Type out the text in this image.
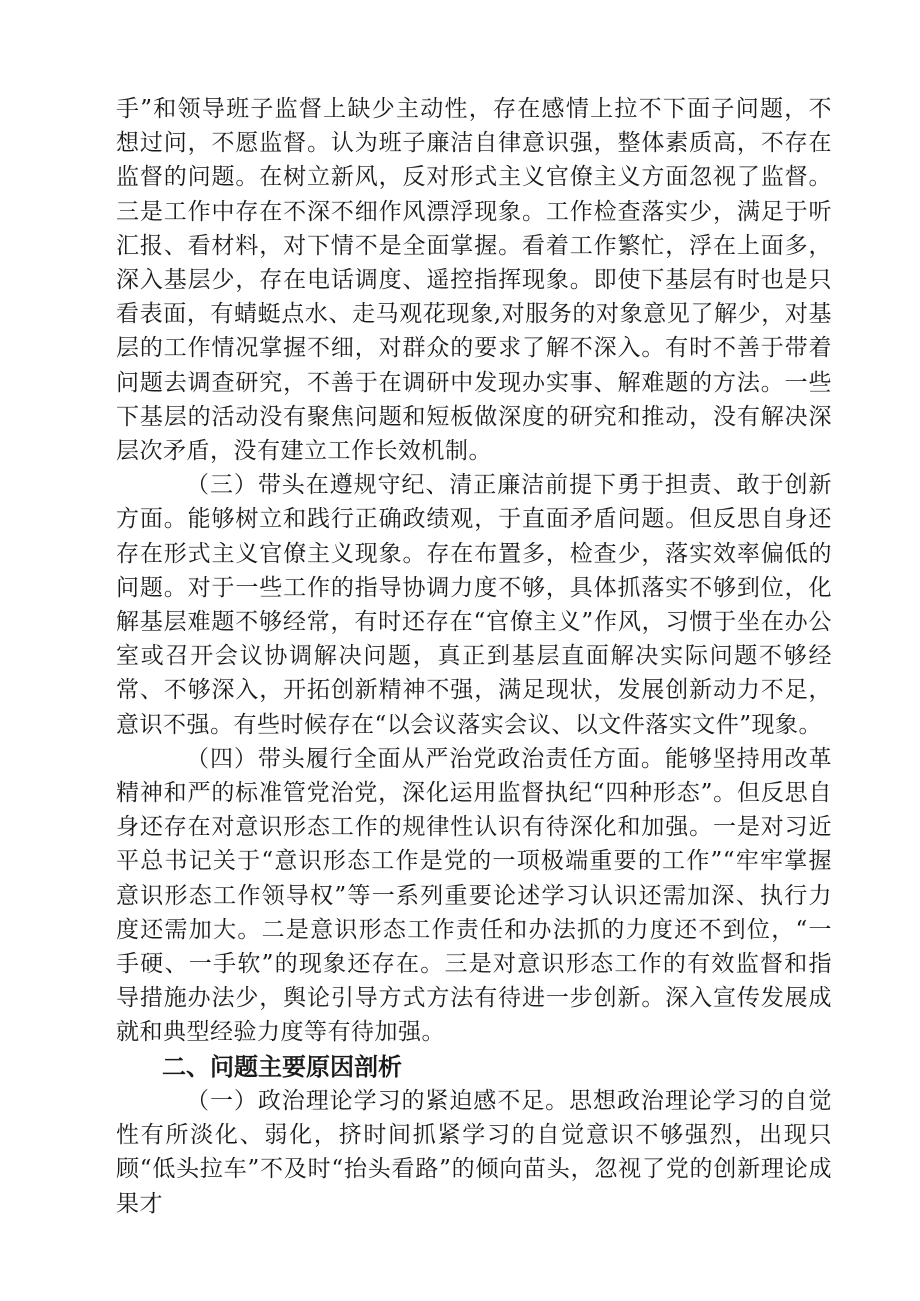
手”和领导班子监督上缺少主动性，存在感情上拉不下面子问题，不想过问，不愿监督。认为班子廉洁自律意识强，整体素质高，不存在监督的问题。在树立新风，反对形式主义官僚主义方面忽视了监督。三是工作中存在不深不细作风漂浮现象。工作检查落实少，满足于听汇报、看材料，对下情不是全面掌握。看着工作繁忙，浮在上面多，深入基层少，存在电话调度、遥控指挥现象。即使下基层有时也是只看表面，有蜻蜓点水、走马观花现象,对服务的对象意见了解少，对基层的工作情况掌握不细，对群众的要求了解不深入。有时不善于带着问题去调查研究，不善于在调研中发现办实事、解难题的方法。一些下基层的活动没有聚焦问题和短板做深度的研究和推动，没有解决深层次矛盾，没有建立工作长效机制。

（三）带头在遵规守纪、清正廉洁前提下勇于担责、敢于创新方面。能够树立和践行正确政绩观，于直面矛盾问题。但反思自身还存在形式主义官僚主义现象。存在布置多，检查少，落实效率偏低的问题。对于一些工作的指导协调力度不够，具体抓落实不够到位，化解基层难题不够经常，有时还存在“官僚主义”作风，习惯于坐在办公室或召开会议协调解决问题，真正到基层直面解决实际问题不够经常、不够深入，开拓创新精神不强，满足现状，发展创新动力不足，意识不强。有些时候存在“以会议落实会议、以文件落实文件”现象。

（四）带头履行全面从严治党政治责任方面。能够坚持用改革精神和严的标准管党治党，深化运用监督执纪“四种形态”。但反思自身还存在对意识形态工作的规律性认识有待深化和加强。一是对习近平总书记关于“意识形态工作是党的一项极端重要的工作”“牢牢掌握意识形态工作领导权”等一系列重要论述学习认识还需加深、执行力度还需加大。二是意识形态工作责任和办法抓的力度还不到位，“一手硬、一手软”的现象还存在。三是对意识形态工作的有效监督和指导措施办法少，舆论引导方式方法有待进一步创新。深入宣传发展成就和典型经验力度等有待加强。

二、问题主要原因剖析

（一）政治理论学习的紧迫感不足。思想政治理论学习的自觉性有所淡化、弱化，挤时间抓紧学习的自觉意识不够强烈，出现只顾“低头拉车”不及时“抬头看路”的倾向苗头，忽视了党的创新理论成果才
